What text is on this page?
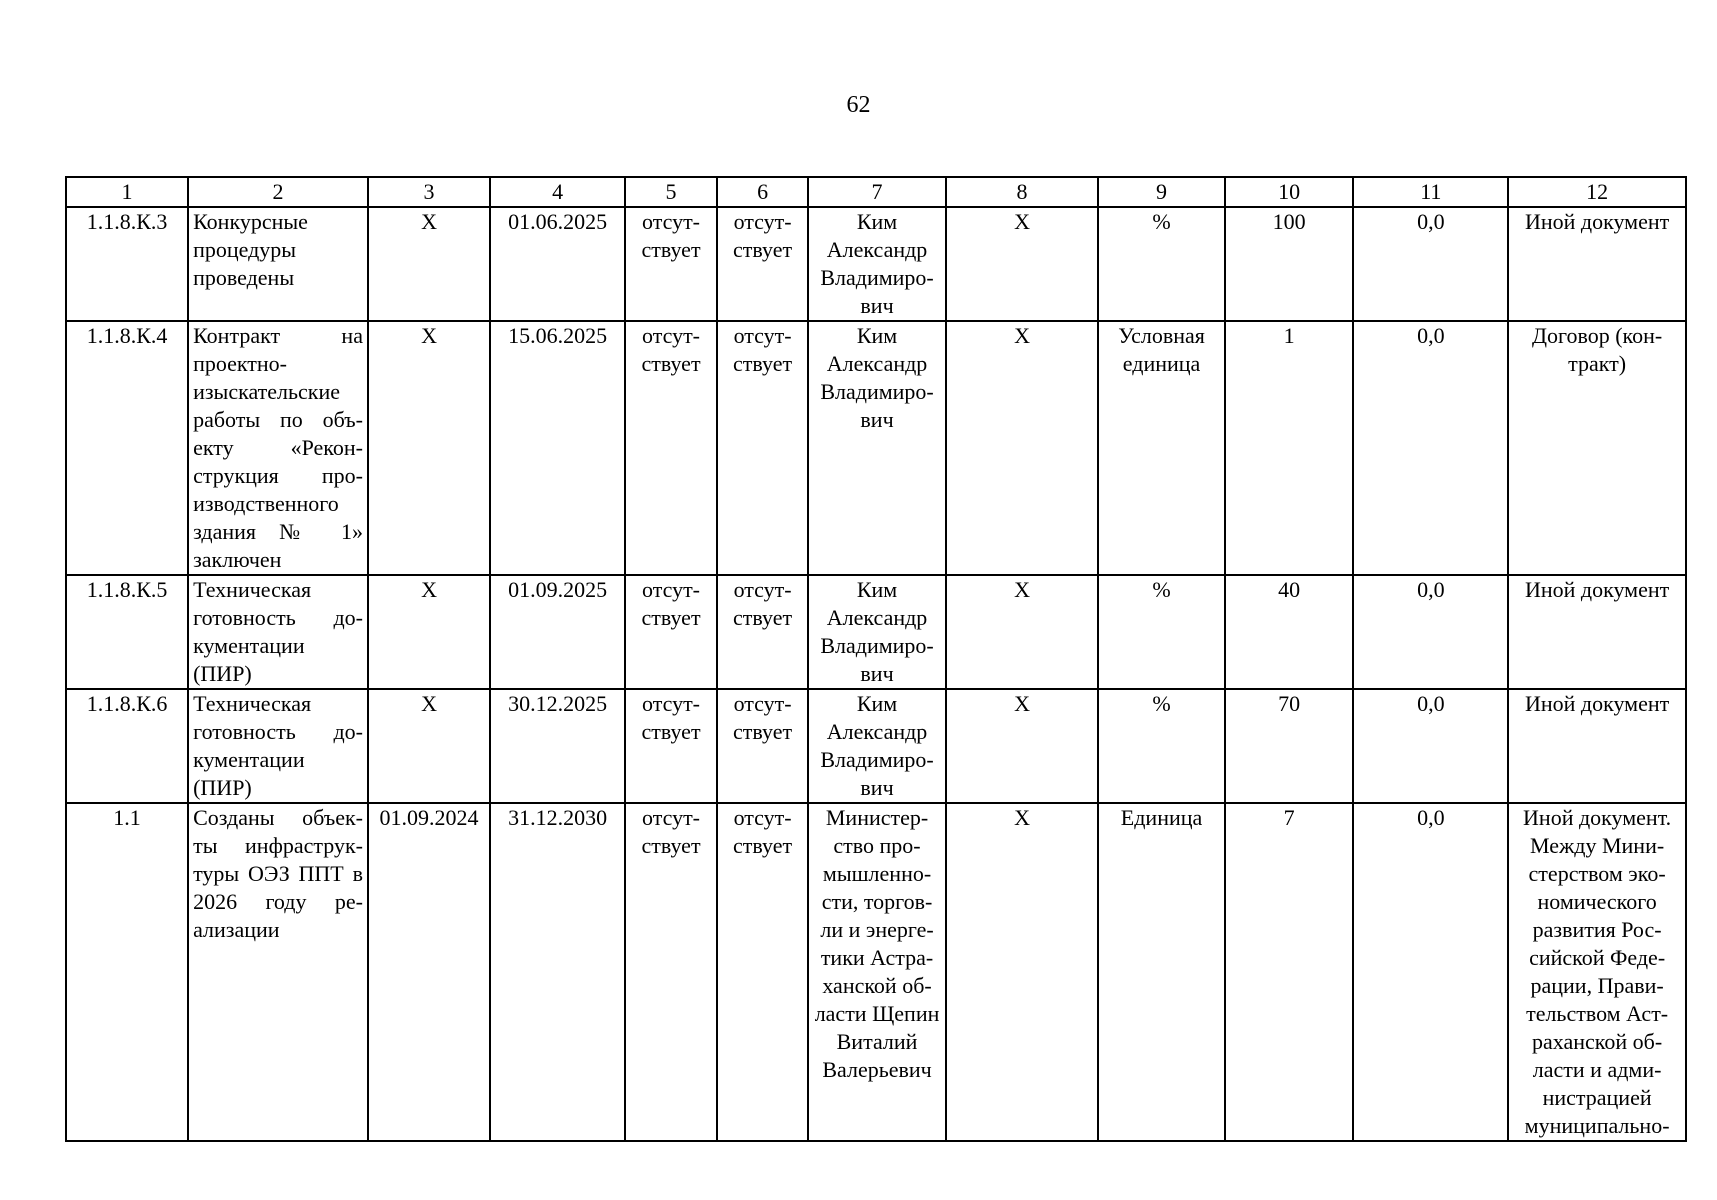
62
1	2	3	4	5	6	7	8	9	10	11	12
1.1.8.К.3	Конкурсные процедуры проведены	X	01.06.2025	отсут-ствует	отсут-ствует	Ким Александр Владимиро-вич	X	%	100	0,0	Иной документ
1.1.8.К.4	Контракт на проектно-изыскательские работы по объ-екту «Рекон-струкция про-изводственного здания № 1» заключен	X	15.06.2025	отсут-ствует	отсут-ствует	Ким Александр Владимиро-вич	X	Условная единица	1	0,0	Договор (кон-тракт)
1.1.8.К.5	Техническая готовность до-кументации (ПИР)	X	01.09.2025	отсут-ствует	отсут-ствует	Ким Александр Владимиро-вич	X	%	40	0,0	Иной документ
1.1.8.К.6	Техническая готовность до-кументации (ПИР)	X	30.12.2025	отсут-ствует	отсут-ствует	Ким Александр Владимиро-вич	X	%	70	0,0	Иной документ
1.1	Созданы объек-ты инфраструк-туры ОЭЗ ППТ в 2026 году ре-ализации	01.09.2024	31.12.2030	отсут-ствует	отсут-ствует	Министер-ство про-мышленно-сти, торгов-ли и энерге-тики Астра-ханской об-ласти Щепин Виталий Валерьевич	X	Единица	7	0,0	Иной документ. Между Мини-стерством эко-номического развития Рос-сийской Феде-рации, Прави-тельством Аст-раханской об-ласти и адми-нистрацией муниципально-
